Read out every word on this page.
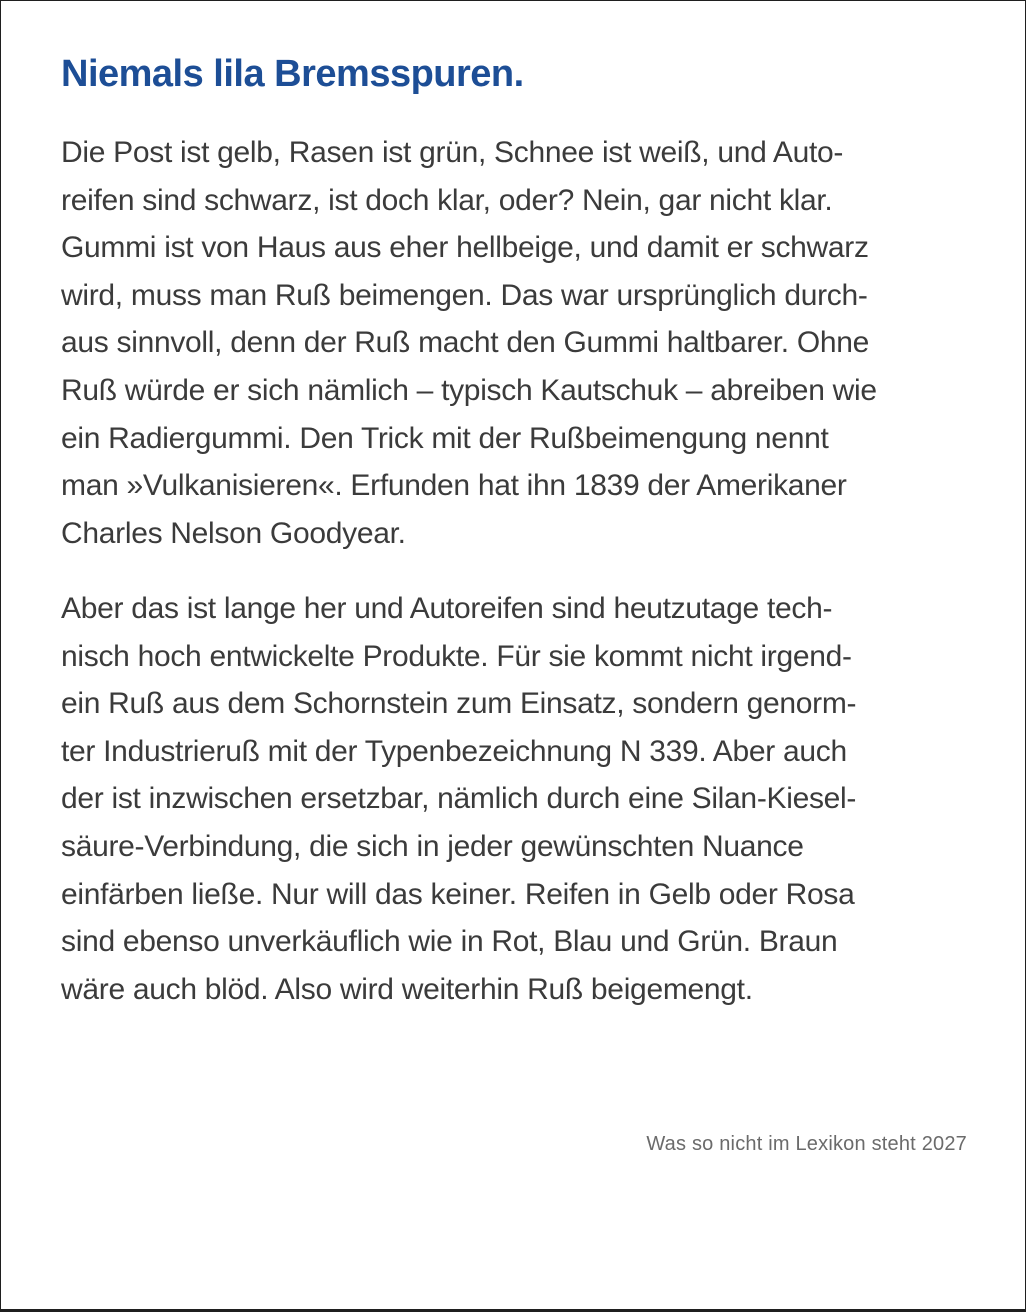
Niemals lila Bremsspuren.
Die Post ist gelb, Rasen ist grün, Schnee ist weiß, und Auto-
reifen sind schwarz, ist doch klar, oder? Nein, gar nicht klar.
Gummi ist von Haus aus eher hellbeige, und damit er schwarz
wird, muss man Ruß beimengen. Das war ursprünglich durch-
aus sinnvoll, denn der Ruß macht den Gummi haltbarer. Ohne
Ruß würde er sich nämlich – typisch Kautschuk – abreiben wie
ein Radiergummi. Den Trick mit der Rußbeimengung nennt
man »Vulkanisieren«. Erfunden hat ihn 1839 der Amerikaner
Charles Nelson Goodyear.
Aber das ist lange her und Autoreifen sind heutzutage tech-
nisch hoch entwickelte Produkte. Für sie kommt nicht irgend-
ein Ruß aus dem Schornstein zum Einsatz, sondern genorm-
ter Industrieruß mit der Typenbezeichnung N 339. Aber auch
der ist inzwischen ersetzbar, nämlich durch eine Silan-Kiesel-
säure-Verbindung, die sich in jeder gewünschten Nuance
einfärben ließe. Nur will das keiner. Reifen in Gelb oder Rosa
sind ebenso unverkäuflich wie in Rot, Blau und Grün. Braun
wäre auch blöd. Also wird weiterhin Ruß beigemengt.
Was so nicht im Lexikon steht 2027
